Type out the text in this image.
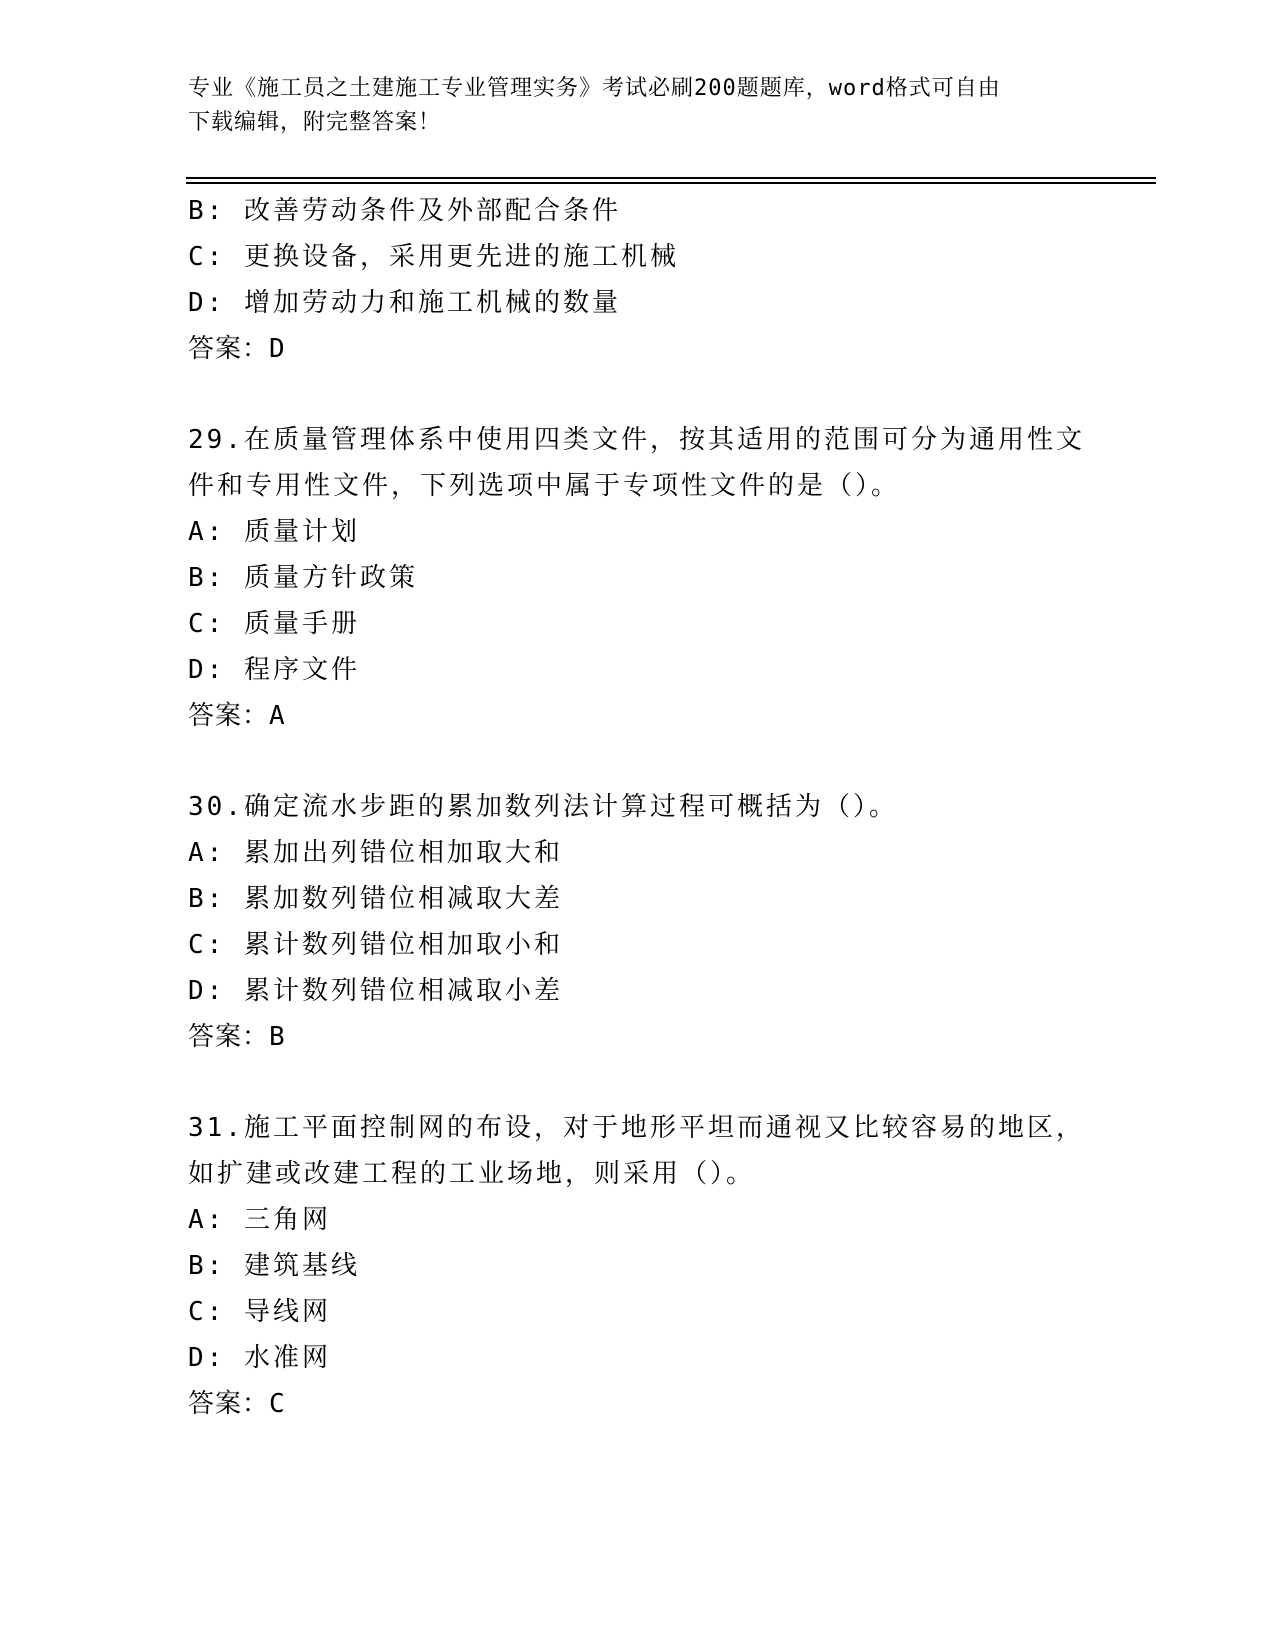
专业《施工员之土建施工专业管理实务》考试必刷200题题库，word格式可自由
下载编辑，附完整答案！
B: 改善劳动条件及外部配合条件
C: 更换设备，采用更先进的施工机械
D: 增加劳动力和施工机械的数量
答案：D
29.在质量管理体系中使用四类文件，按其适用的范围可分为通用性文
件和专用性文件，下列选项中属于专项性文件的是（）。
A: 质量计划
B: 质量方针政策
C: 质量手册
D: 程序文件
答案：A
30.确定流水步距的累加数列法计算过程可概括为（）。
A: 累加出列错位相加取大和
B: 累加数列错位相减取大差
C: 累计数列错位相加取小和
D: 累计数列错位相减取小差
答案：B
31.施工平面控制网的布设，对于地形平坦而通视又比较容易的地区，
如扩建或改建工程的工业场地，则采用（）。
A: 三角网
B: 建筑基线
C: 导线网
D: 水准网
答案：C
